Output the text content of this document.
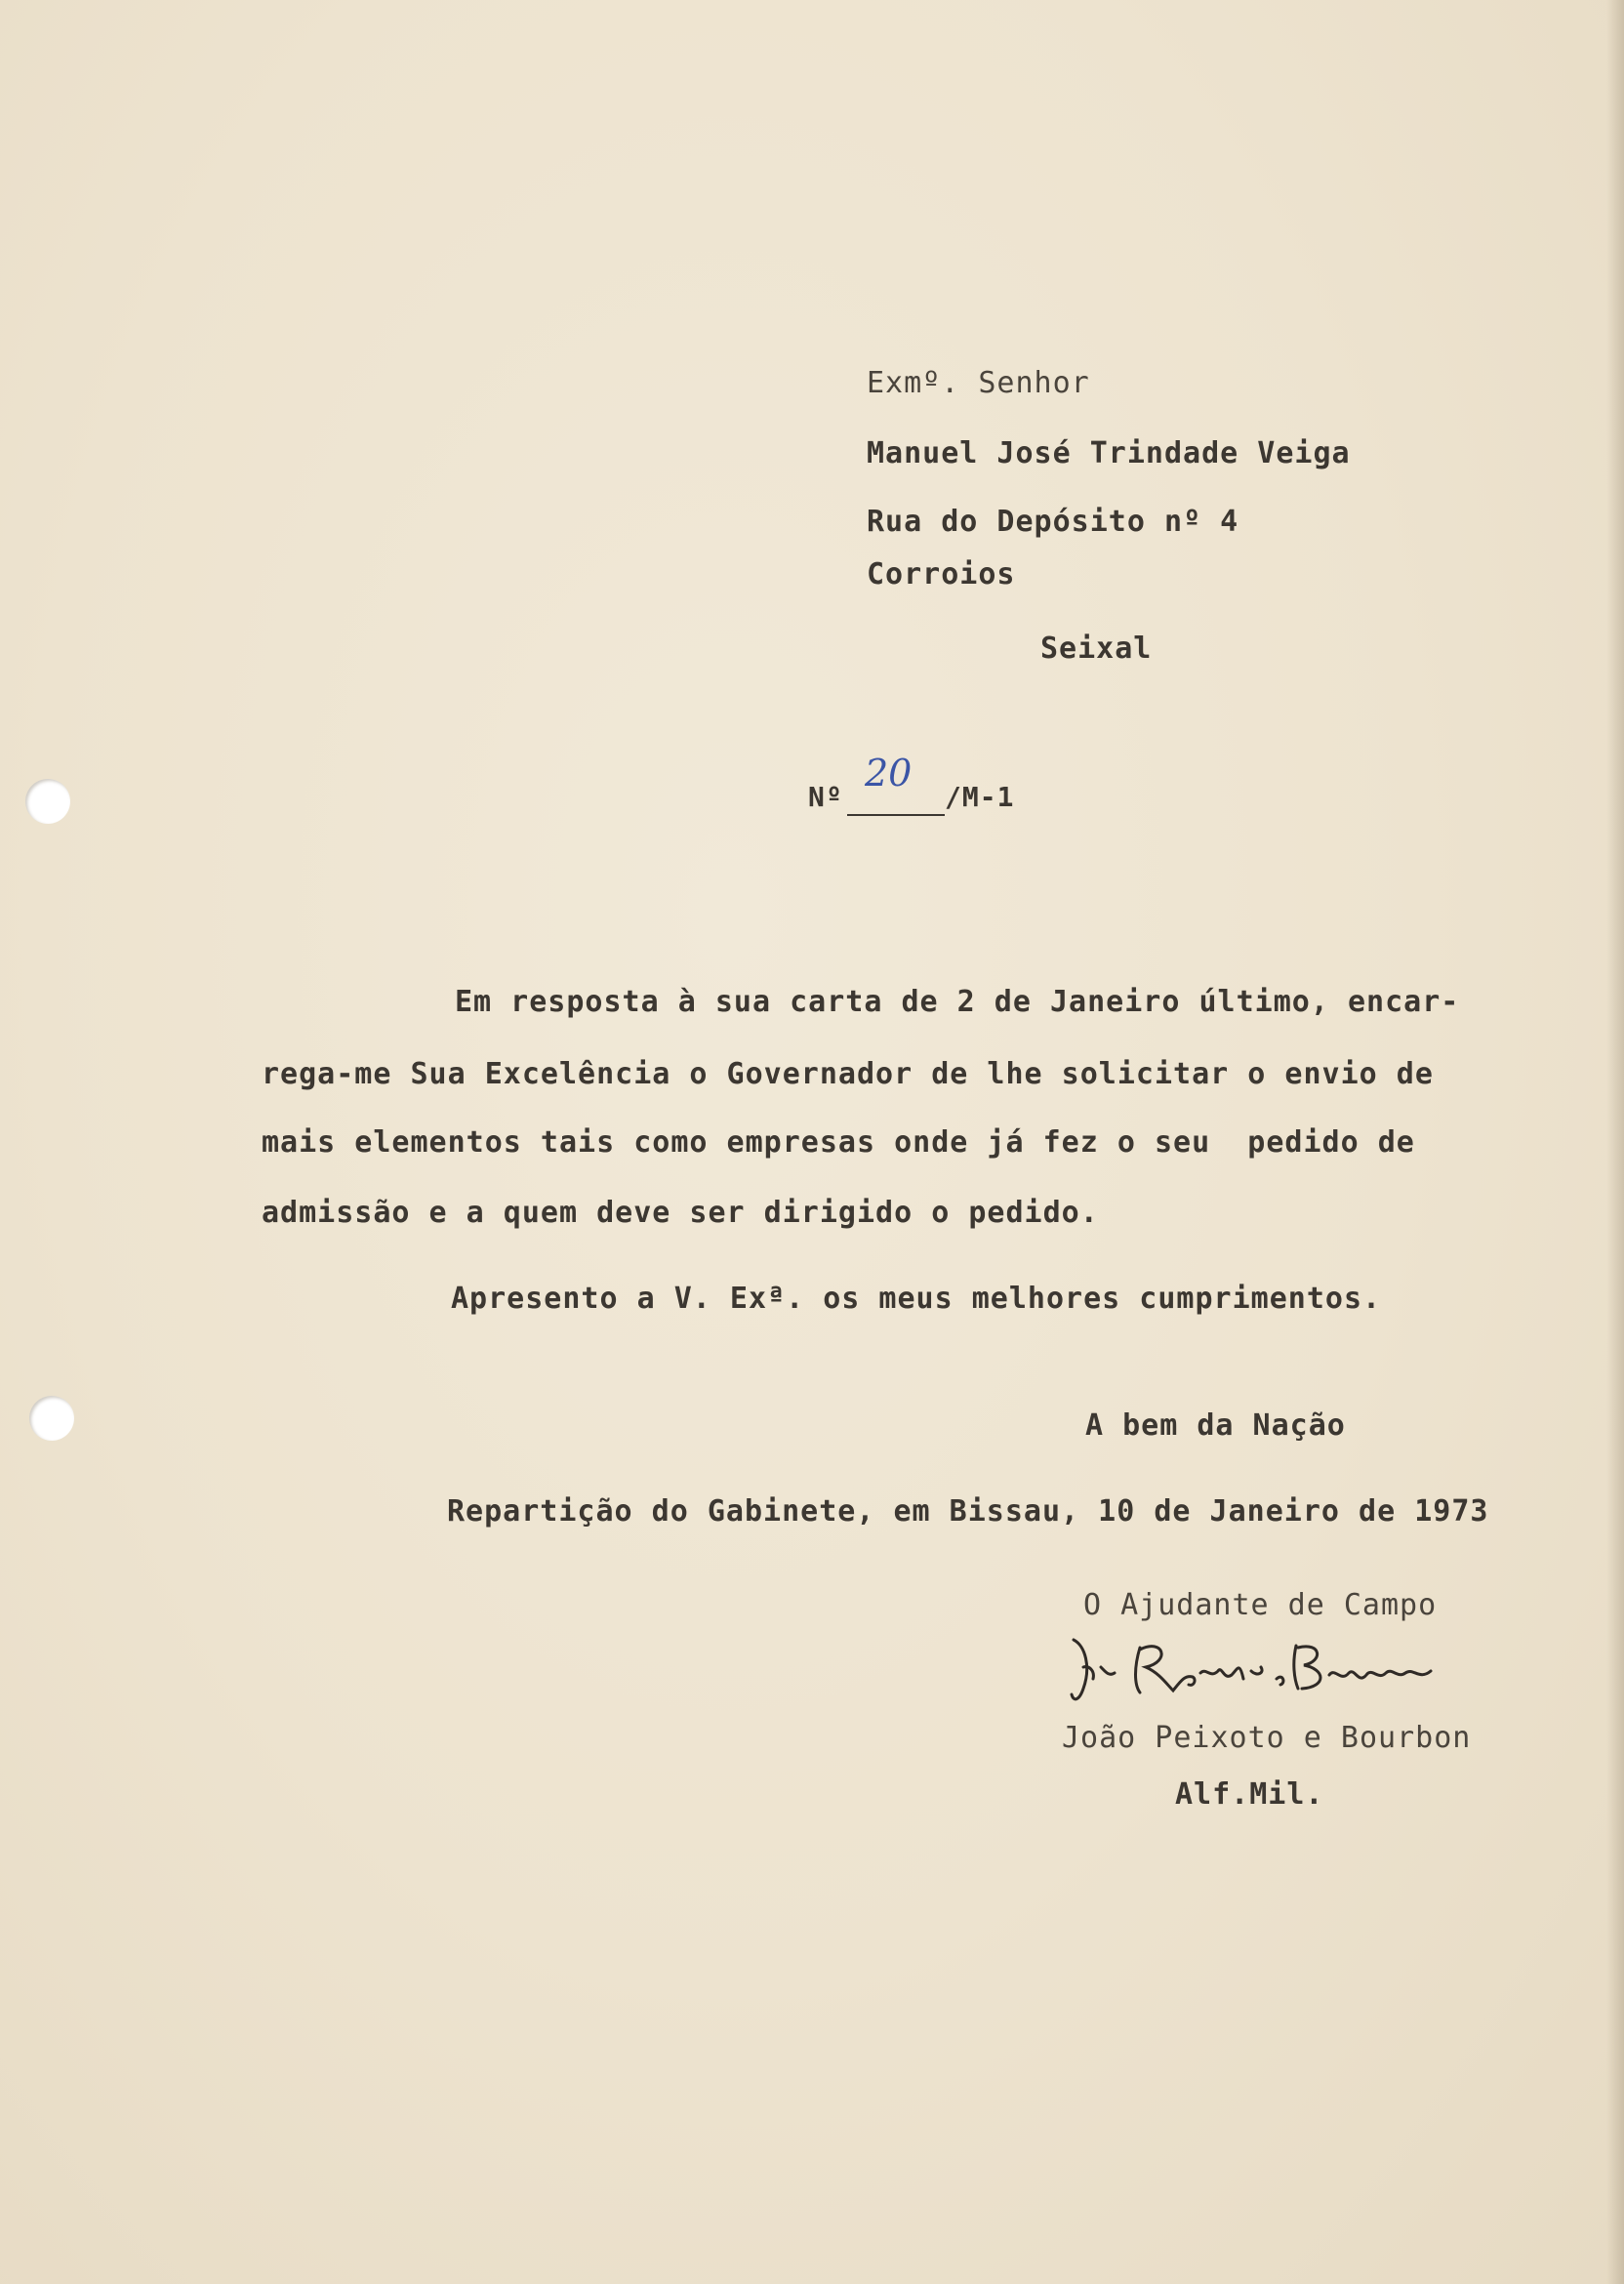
Exmº. Senhor
Manuel José Trindade Veiga
Rua do Depósito nº 4
Corroios
Seixal
Nº
20
/M-1
Em resposta à sua carta de 2 de Janeiro último, encar-
rega-me Sua Excelência o Governador de lhe solicitar o envio de
mais elementos tais como empresas onde já fez o seu  pedido de
admissão e a quem deve ser dirigido o pedido.
Apresento a V. Exª. os meus melhores cumprimentos.
A bem da Nação
Repartição do Gabinete, em Bissau, 10 de Janeiro de 1973
O Ajudante de Campo
João Peixoto e Bourbon
Alf.Mil.
